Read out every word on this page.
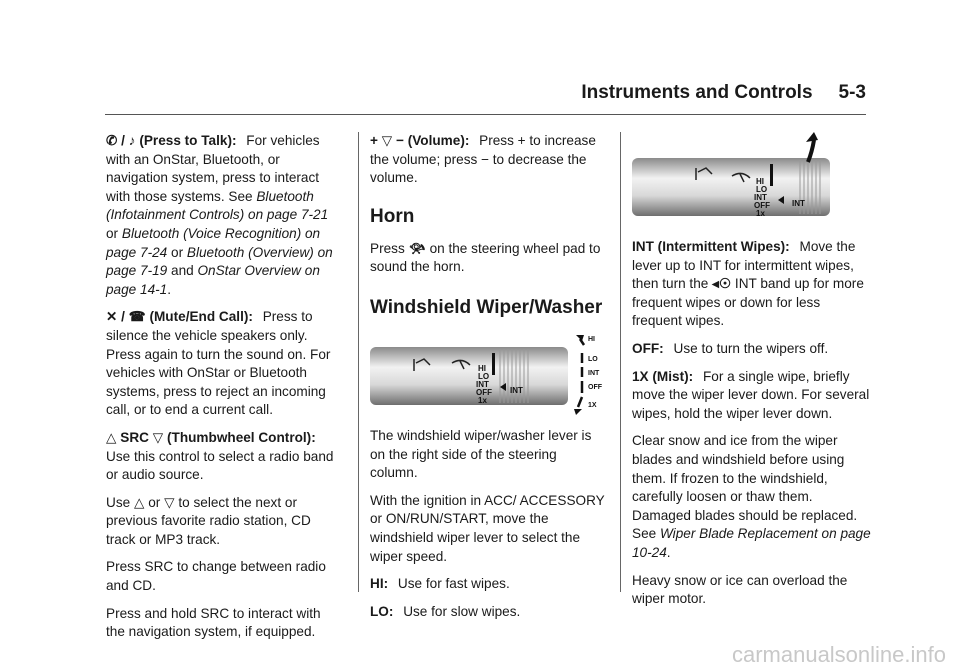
Instruments and Controls 5-3

✆ / ♪ (Press to Talk): For vehicles with an OnStar, Bluetooth, or navigation system, press to interact with those systems. See Bluetooth (Infotainment Controls) on page 7-21 or Bluetooth (Voice Recognition) on page 7-24 or Bluetooth (Overview) on page 7-19 and OnStar Overview on page 14-1.

✕ / ☎ (Mute/End Call): Press to silence the vehicle speakers only. Press again to turn the sound on. For vehicles with OnStar or Bluetooth systems, press to reject an incoming call, or to end a current call.

△ SRC ▽ (Thumbwheel Control): Use this control to select a radio band or audio source.

Use △ or ▽ to select the next or previous favorite radio station, CD track or MP3 track.

Press SRC to change between radio and CD.

Press and hold SRC to interact with the navigation system, if equipped.

+ ▽ − (Volume): Press + to increase the volume; press − to decrease the volume.

Horn

Press 📯︎ on the steering wheel pad to sound the horn.

Windshield Wiper/Washer
HI
LO
INT
OFF
1x
INT
HI
LO
INT
OFF
1X

The windshield wiper/washer lever is on the right side of the steering column.

With the ignition in ACC/ ACCESSORY or ON/RUN/START, move the windshield wiper lever to select the wiper speed.

HI: Use for fast wipes.

LO: Use for slow wipes.

HI
LO
INT
OFF
1x
INT

INT (Intermittent Wipes): Move the lever up to INT for intermittent wipes, then turn the ◂☉ INT band up for more frequent wipes or down for less frequent wipes.

OFF: Use to turn the wipers off.

1X (Mist): For a single wipe, briefly move the wiper lever down. For several wipes, hold the wiper lever down.

Clear snow and ice from the wiper blades and windshield before using them. If frozen to the windshield, carefully loosen or thaw them. Damaged blades should be replaced. See Wiper Blade Replacement on page 10-24.

Heavy snow or ice can overload the wiper motor.

carmanualsonline.info
